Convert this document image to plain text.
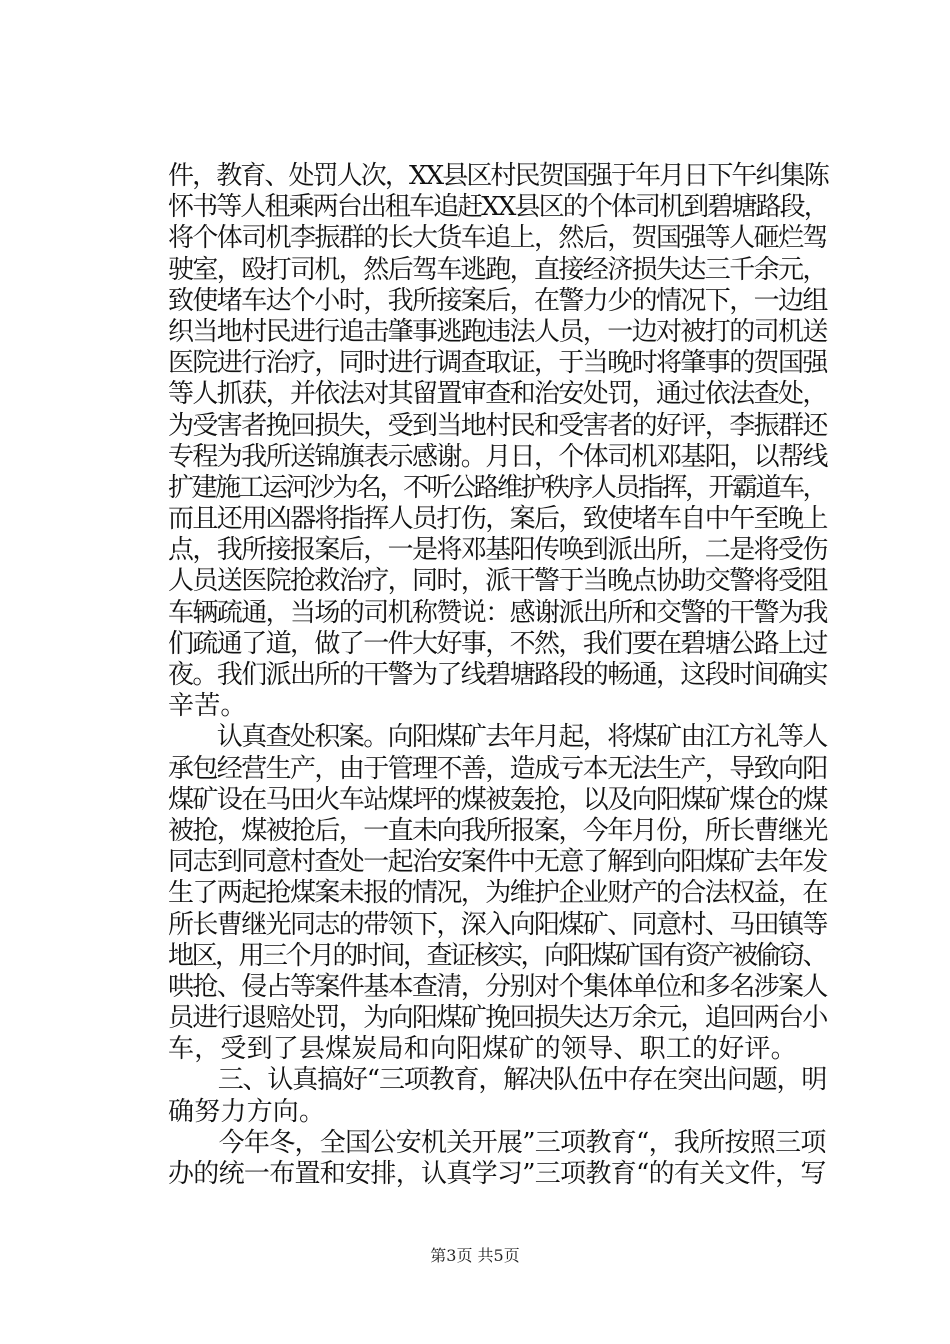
件，教育、处罚人次，XX县区村民贺国强于年月日下午纠集陈
怀书等人租乘两台出租车追赶XX县区的个体司机到碧塘路段，
将个体司机李振群的长大货车追上，然后，贺国强等人砸烂驾
驶室，殴打司机，然后驾车逃跑，直接经济损失达三千余元，
致使堵车达个小时，我所接案后，在警力少的情况下，一边组
织当地村民进行追击肇事逃跑违法人员，一边对被打的司机送
医院进行治疗，同时进行调查取证，于当晚时将肇事的贺国强
等人抓获，并依法对其留置审查和治安处罚，通过依法查处，
为受害者挽回损失，受到当地村民和受害者的好评，李振群还
专程为我所送锦旗表示感谢。月日，个体司机邓基阳，以帮线
扩建施工运河沙为名，不听公路维护秩序人员指挥，开霸道车，
而且还用凶器将指挥人员打伤，案后，致使堵车自中午至晚上
点，我所接报案后，一是将邓基阳传唤到派出所，二是将受伤
人员送医院抢救治疗，同时，派干警于当晚点协助交警将受阻
车辆疏通，当场的司机称赞说：感谢派出所和交警的干警为我
们疏通了道，做了一件大好事，不然，我们要在碧塘公路上过
夜。我们派出所的干警为了线碧塘路段的畅通，这段时间确实
辛苦。
　　认真查处积案。向阳煤矿去年月起，将煤矿由江方礼等人
承包经营生产，由于管理不善，造成亏本无法生产，导致向阳
煤矿设在马田火车站煤坪的煤被轰抢，以及向阳煤矿煤仓的煤
被抢，煤被抢后，一直未向我所报案，今年月份，所长曹继光
同志到同意村查处一起治安案件中无意了解到向阳煤矿去年发
生了两起抢煤案未报的情况，为维护企业财产的合法权益，在
所长曹继光同志的带领下，深入向阳煤矿、同意村、马田镇等
地区，用三个月的时间，查证核实，向阳煤矿国有资产被偷窃、
哄抢、侵占等案件基本查清，分别对个集体单位和多名涉案人
员进行退赔处罚，为向阳煤矿挽回损失达万余元，追回两台小
车，受到了县煤炭局和向阳煤矿的领导、职工的好评。
　　三、认真搞好“三项教育，解决队伍中存在突出问题，明
确努力方向。
　　今年冬，全国公安机关开展”三项教育“，我所按照三项
办的统一布置和安排，认真学习”三项教育“的有关文件，写
第3页 共5页
